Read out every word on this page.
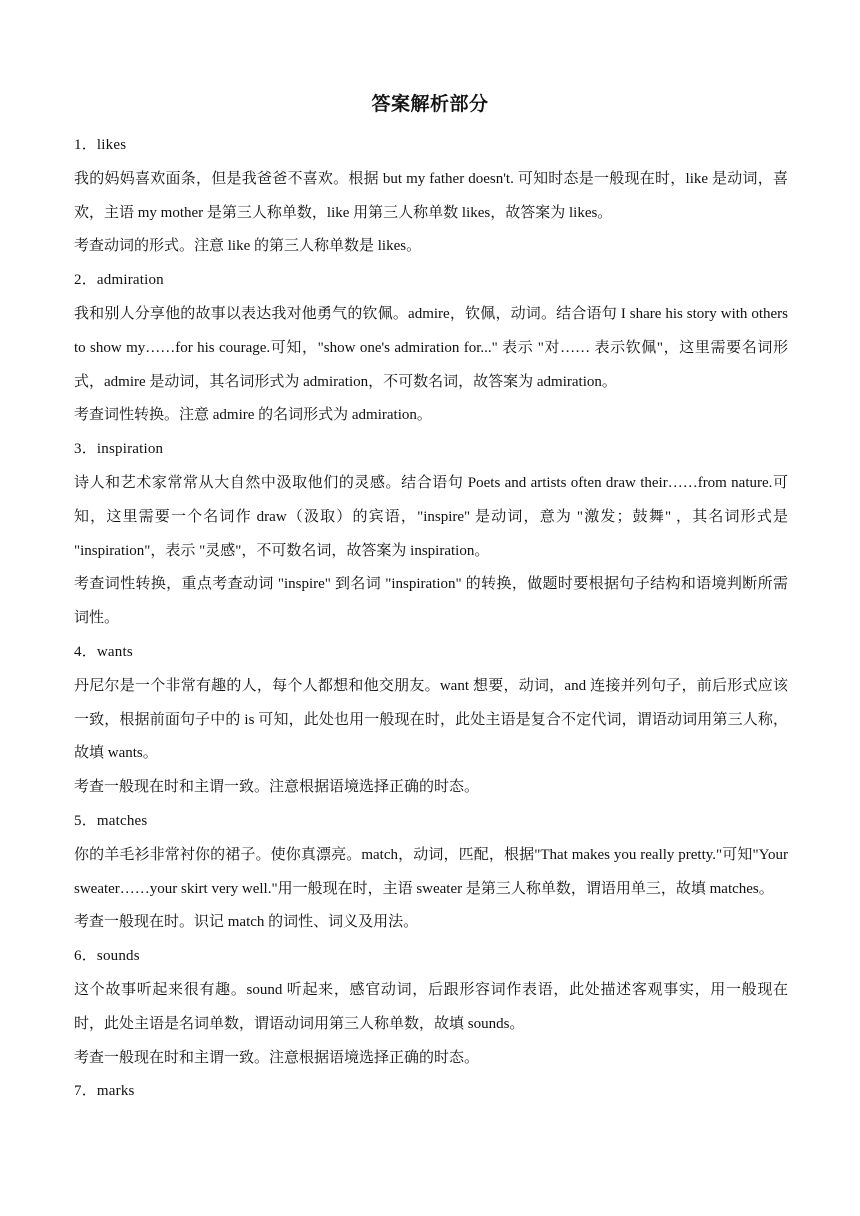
答案解析部分

1．likes

我的妈妈喜欢面条，但是我爸爸不喜欢。根据 but my father doesn't. 可知时态是一般现在时，like 是动词，喜欢，主语 my mother 是第三人称单数，like 用第三人称单数 likes，故答案为 likes。

考查动词的形式。注意 like 的第三人称单数是 likes。

2．admiration

我和别人分享他的故事以表达我对他勇气的钦佩。admire，钦佩，动词。结合语句 I share his story with others to show my……for his courage.可知，"show one's admiration for..." 表示 "对…… 表示钦佩"，这里需要名词形式，admire 是动词，其名词形式为 admiration，不可数名词，故答案为 admiration。

考查词性转换。注意 admire 的名词形式为 admiration。

3．inspiration

诗人和艺术家常常从大自然中汲取他们的灵感。结合语句 Poets and artists often draw their……from nature.可知，这里需要一个名词作 draw（汲取）的宾语，"inspire" 是动词，意为 "激发；鼓舞" ，其名词形式是 "inspiration"，表示 "灵感"，不可数名词，故答案为 inspiration。

考查词性转换，重点考查动词 "inspire" 到名词 "inspiration" 的转换，做题时要根据句子结构和语境判断所需词性。

4．wants

丹尼尔是一个非常有趣的人，每个人都想和他交朋友。want 想要，动词，and 连接并列句子，前后形式应该一致，根据前面句子中的 is 可知，此处也用一般现在时，此处主语是复合不定代词，谓语动词用第三人称，故填 wants。

考查一般现在时和主谓一致。注意根据语境选择正确的时态。

5．matches

你的羊毛衫非常衬你的裙子。使你真漂亮。match，动词，匹配，根据"That makes you really pretty."可知"Your sweater……your skirt very well."用一般现在时，主语 sweater 是第三人称单数，谓语用单三，故填 matches。

考查一般现在时。识记 match 的词性、词义及用法。

6．sounds

这个故事听起来很有趣。sound 听起来，感官动词，后跟形容词作表语，此处描述客观事实，用一般现在时，此处主语是名词单数，谓语动词用第三人称单数，故填 sounds。

考查一般现在时和主谓一致。注意根据语境选择正确的时态。

7．marks
